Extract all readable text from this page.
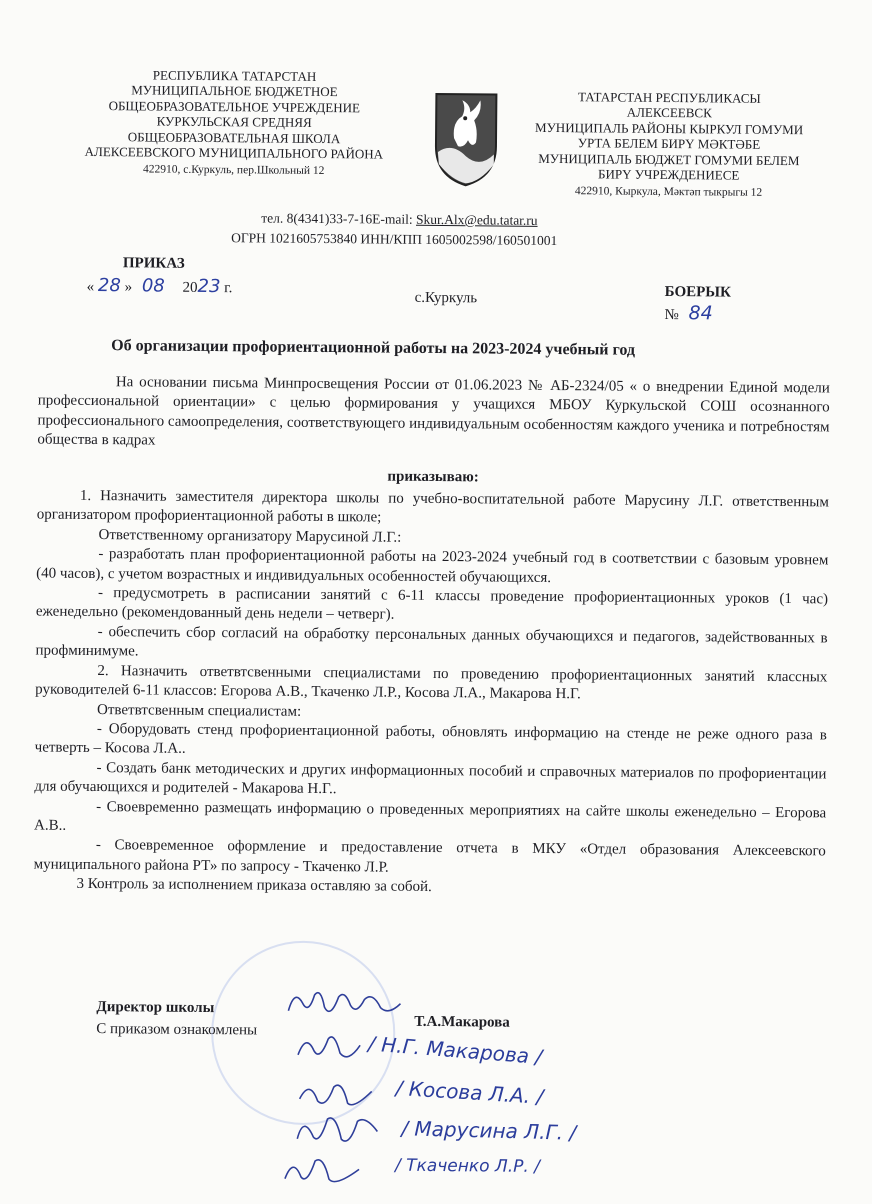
РЕСПУБЛИКА ТАТАРСТАН
МУНИЦИПАЛЬНОЕ БЮДЖЕТНОЕ
ОБЩЕОБРАЗОВАТЕЛЬНОЕ УЧРЕЖДЕНИЕ
КУРКУЛЬСКАЯ СРЕДНЯЯ
ОБЩЕОБРАЗОВАТЕЛЬНАЯ ШКОЛА
АЛЕКСЕЕВСКОГО МУНИЦИПАЛЬНОГО РАЙОНА
422910, с.Куркуль, пер.Школьный 12
ТАТАРСТАН РЕСПУБЛИКАСЫ
АЛЕКСЕЕВСК
МУНИЦИПАЛЬ РАЙОНЫ КЫРКУЛ ГОМУМИ
УРТА БЕЛЕМ БИРҮ МӘКТӘБЕ
МУНИЦИПАЛЬ БЮДЖЕТ ГОМУМИ БЕЛЕМ
БИРҮ УЧРЕЖДЕНИЕСЕ
422910, Кыркула, Мәктәп тыкрыгы 12
тел. 8(4341)33-7-16E-mail: Skur.Alx@edu.tatar.ru
ОГРН 1021605753840 ИНН/КПП 1605002598/160501001
ПРИКАЗ
БОЕРЫК
« 28 » 08 2023 г.
с.Куркуль
№ 84
Об организации профориентационной работы на 2023-2024 учебный год

На основании письма Минпросвещения России от 01.06.2023 № АБ-2324/05 « о внедрении Единой модели профессиональной ориентации» с целью формирования у учащихся МБОУ Куркульской СОШ осознанного профессионального самоопределения, соответствующего индивидуальным особенностям каждого ученика и потребностям общества в кадрах

приказываю:

1. Назначить заместителя директора школы по учебно-воспитательной работе Марусину Л.Г. ответственным организатором профориентационной работы в школе;

Ответственному организатору Марусиной Л.Г.:

- разработать план профориентационной работы на 2023-2024 учебный год в соответствии с базовым уровнем (40 часов), с учетом возрастных и индивидуальных особенностей обучающихся.

- предусмотреть в расписании занятий с 6-11 классы проведение профориентационных уроков (1 час) еженедельно (рекомендованный день недели – четверг).

- обеспечить сбор согласий на обработку персональных данных обучающихся и педагогов, задействованных в профминимуме.

2. Назначить ответвтсвенными специалистами по проведению профориентационных занятий классных руководителей 6-11 классов: Егорова А.В., Ткаченко Л.Р., Косова Л.А., Макарова Н.Г.

Ответвтсвенным специалистам:

- Оборудовать стенд профориентационной работы, обновлять информацию на стенде не реже одного раза в четверть – Косова Л.А..

- Создать банк методических и других информационных пособий и справочных материалов по профориентации для обучающихся и родителей - Макарова Н.Г..

- Своевременно размещать информацию о проведенных мероприятиях на сайте школы еженедельно – Егорова А.В..

- Своевременное оформление и предоставление отчета в МКУ «Отдел образования Алексеевского муниципального района РТ» по запросу - Ткаченко Л.Р.

3 Контроль за исполнением приказа оставляю за собой.

Директор школы
Т.А.Макарова
С приказом ознакомлены
/ Н.Г. Макарова /
/ Косова Л.А. /
/ Марусина Л.Г. /
/ Ткаченко Л.Р. /
